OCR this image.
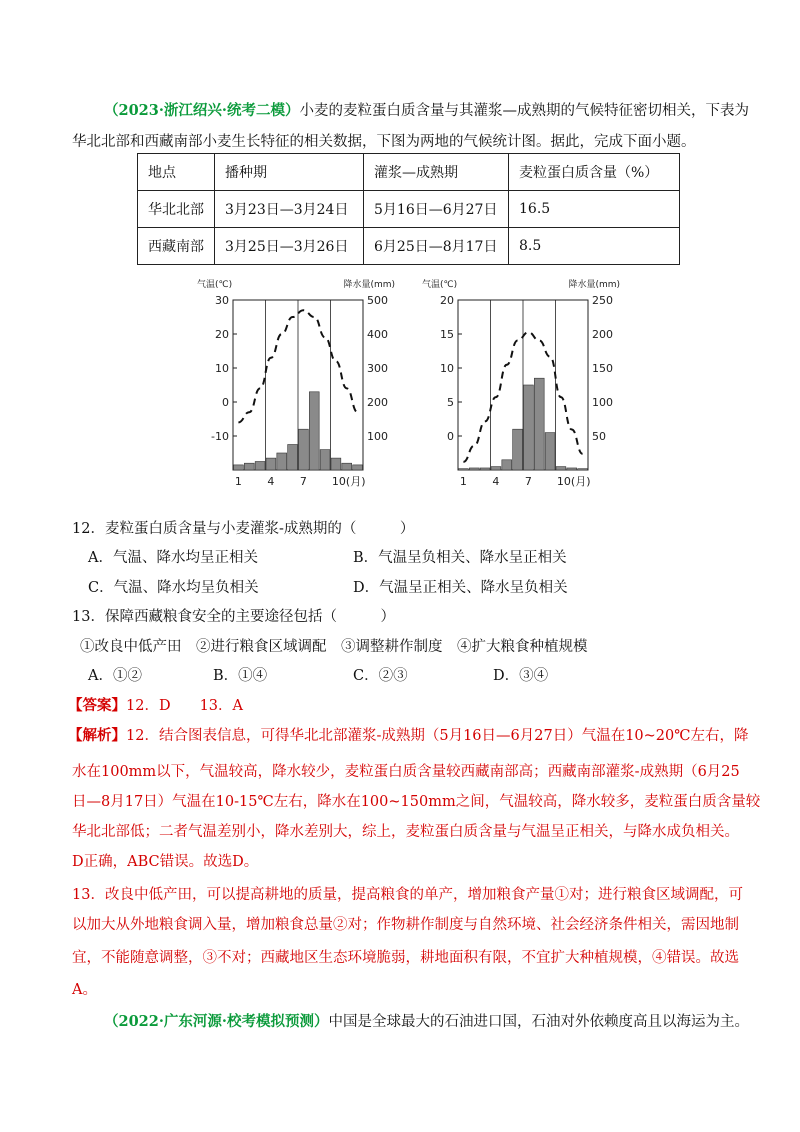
（2023·浙江绍兴·统考二模）小麦的麦粒蛋白质含量与其灌浆—成熟期的气候特征密切相关，下表为
华北北部和西藏南部小麦生长特征的相关数据，下图为两地的气候统计图。据此，完成下面小题。
地点	播种期	灌浆—成熟期	麦粒蛋白质含量（%）
华北北部	3月23日—3月24日	5月16日—6月27日	16.5
西藏南部	3月25日—3月26日	6月25日—8月17日	8.5
气温(℃)	降水量(mm)
30	500
20	400
10	300
0	200
-10	100
1 4 7 10(月)
气温(℃)	降水量(mm)
20	250
15	200
10	150
5	100
0	50
1 4 7 10(月)
12．麦粒蛋白质含量与小麦灌浆-成熟期的（　　　）
A．气温、降水均呈正相关	B．气温呈负相关、降水呈正相关
C．气温、降水均呈负相关	D．气温呈正相关、降水呈负相关
13．保障西藏粮食安全的主要途径包括（　　　）
①改良中低产田　②进行粮食区域调配　③调整耕作制度　④扩大粮食种植规模
A．①②	B．①④	C．②③	D．③④
【答案】12．D　　13．A
【解析】12．结合图表信息，可得华北北部灌浆-成熟期（5月16日—6月27日）气温在10~20℃左右，降
水在100mm以下，气温较高，降水较少，麦粒蛋白质含量较西藏南部高；西藏南部灌浆-成熟期（6月25
日—8月17日）气温在10-15℃左右，降水在100~150mm之间，气温较高，降水较多，麦粒蛋白质含量较
华北北部低；二者气温差别小，降水差别大，综上，麦粒蛋白质含量与气温呈正相关，与降水成负相关。
D正确，ABC错误。故选D。
13．改良中低产田，可以提高耕地的质量，提高粮食的单产，增加粮食产量①对；进行粮食区域调配，可
以加大从外地粮食调入量，增加粮食总量②对；作物耕作制度与自然环境、社会经济条件相关，需因地制
宜，不能随意调整，③不对；西藏地区生态环境脆弱，耕地面积有限，不宜扩大种植规模，④错误。故选
A。
（2022·广东河源·校考模拟预测）中国是全球最大的石油进口国，石油对外依赖度高且以海运为主。
